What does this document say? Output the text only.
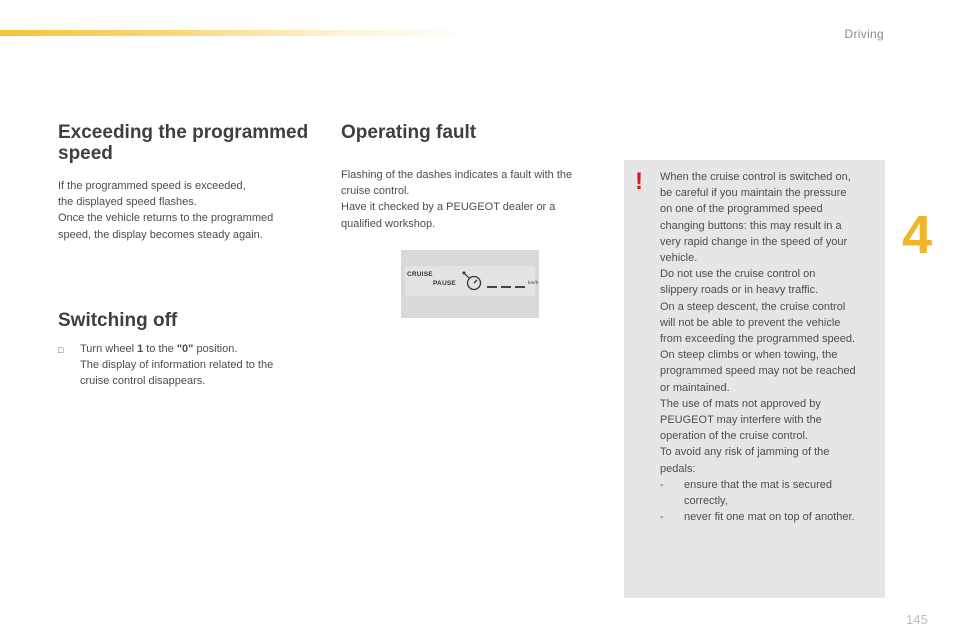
Driving
4
145
Exceeding the programmed speed

If the programmed speed is exceeded,

the displayed speed flashes.

Once the vehicle returns to the programmed

speed, the display becomes steady again.

Switching off
□	Turn wheel 1 to the "0" position.
The display of information related to the
cruise control disappears.
Operating fault

Flashing of the dashes indicates a fault with the

cruise control.

Have it checked by a PEUGEOT dealer or a

qualified workshop.

CRUISE
PAUSE	km/h
! When the cruise control is switched on,

be careful if you maintain the pressure

on one of the programmed speed

changing buttons: this may result in a

very rapid change in the speed of your

vehicle.

Do not use the cruise control on

slippery roads or in heavy traffic.

On a steep descent, the cruise control

will not be able to prevent the vehicle

from exceeding the programmed speed.

On steep climbs or when towing, the

programmed speed may not be reached

or maintained.

The use of mats not approved by

PEUGEOT may interfere with the

operation of the cruise control.

To avoid any risk of jamming of the

pedals:

-	ensure that the mat is secured
correctly,
-	never fit one mat on top of another.
